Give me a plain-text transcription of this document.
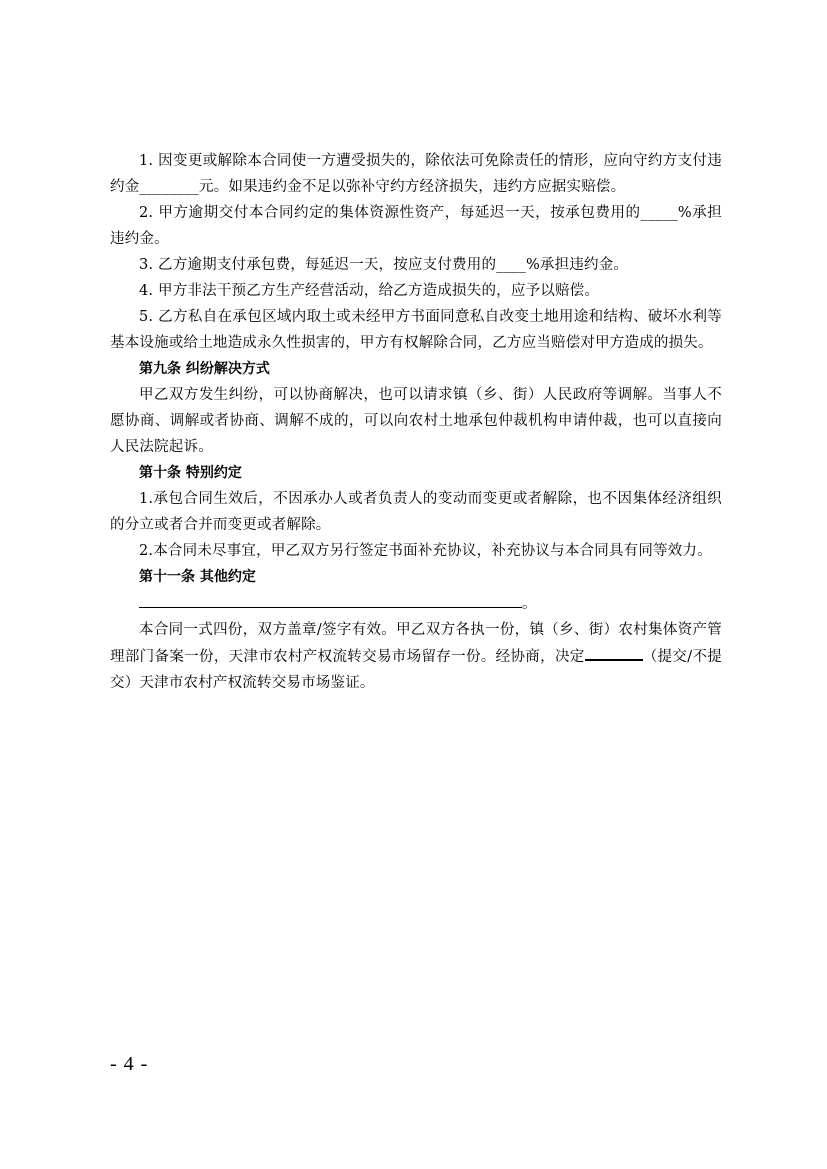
1. 因变更或解除本合同使一方遭受损失的，除依法可免除责任的情形，应向守约方支付违约金________元。如果违约金不足以弥补守约方经济损失，违约方应据实赔偿。

2. 甲方逾期交付本合同约定的集体资源性资产，每延迟一天，按承包费用的_____%承担违约金。

3. 乙方逾期支付承包费，每延迟一天，按应支付费用的____%承担违约金。

4. 甲方非法干预乙方生产经营活动，给乙方造成损失的，应予以赔偿。

5. 乙方私自在承包区域内取土或未经甲方书面同意私自改变土地用途和结构、破坏水利等基本设施或给土地造成永久性损害的，甲方有权解除合同，乙方应当赔偿对甲方造成的损失。

第九条 纠纷解决方式

甲乙双方发生纠纷，可以协商解决，也可以请求镇（乡、街）人民政府等调解。当事人不愿协商、调解或者协商、调解不成的，可以向农村土地承包仲裁机构申请仲裁，也可以直接向人民法院起诉。

第十条 特别约定

1.承包合同生效后，不因承办人或者负责人的变动而变更或者解除，也不因集体经济组织的分立或者合并而变更或者解除。

2.本合同未尽事宜，甲乙双方另行签定书面补充协议，补充协议与本合同具有同等效力。

第十一条 其他约定

。

本合同一式四份，双方盖章/签字有效。甲乙双方各执一份，镇（乡、街）农村集体资产管理部门备案一份，天津市农村产权流转交易市场留存一份。经协商，决定	（提交/不提交）天津市农村产权流转交易市场鉴证。

- 4 -
